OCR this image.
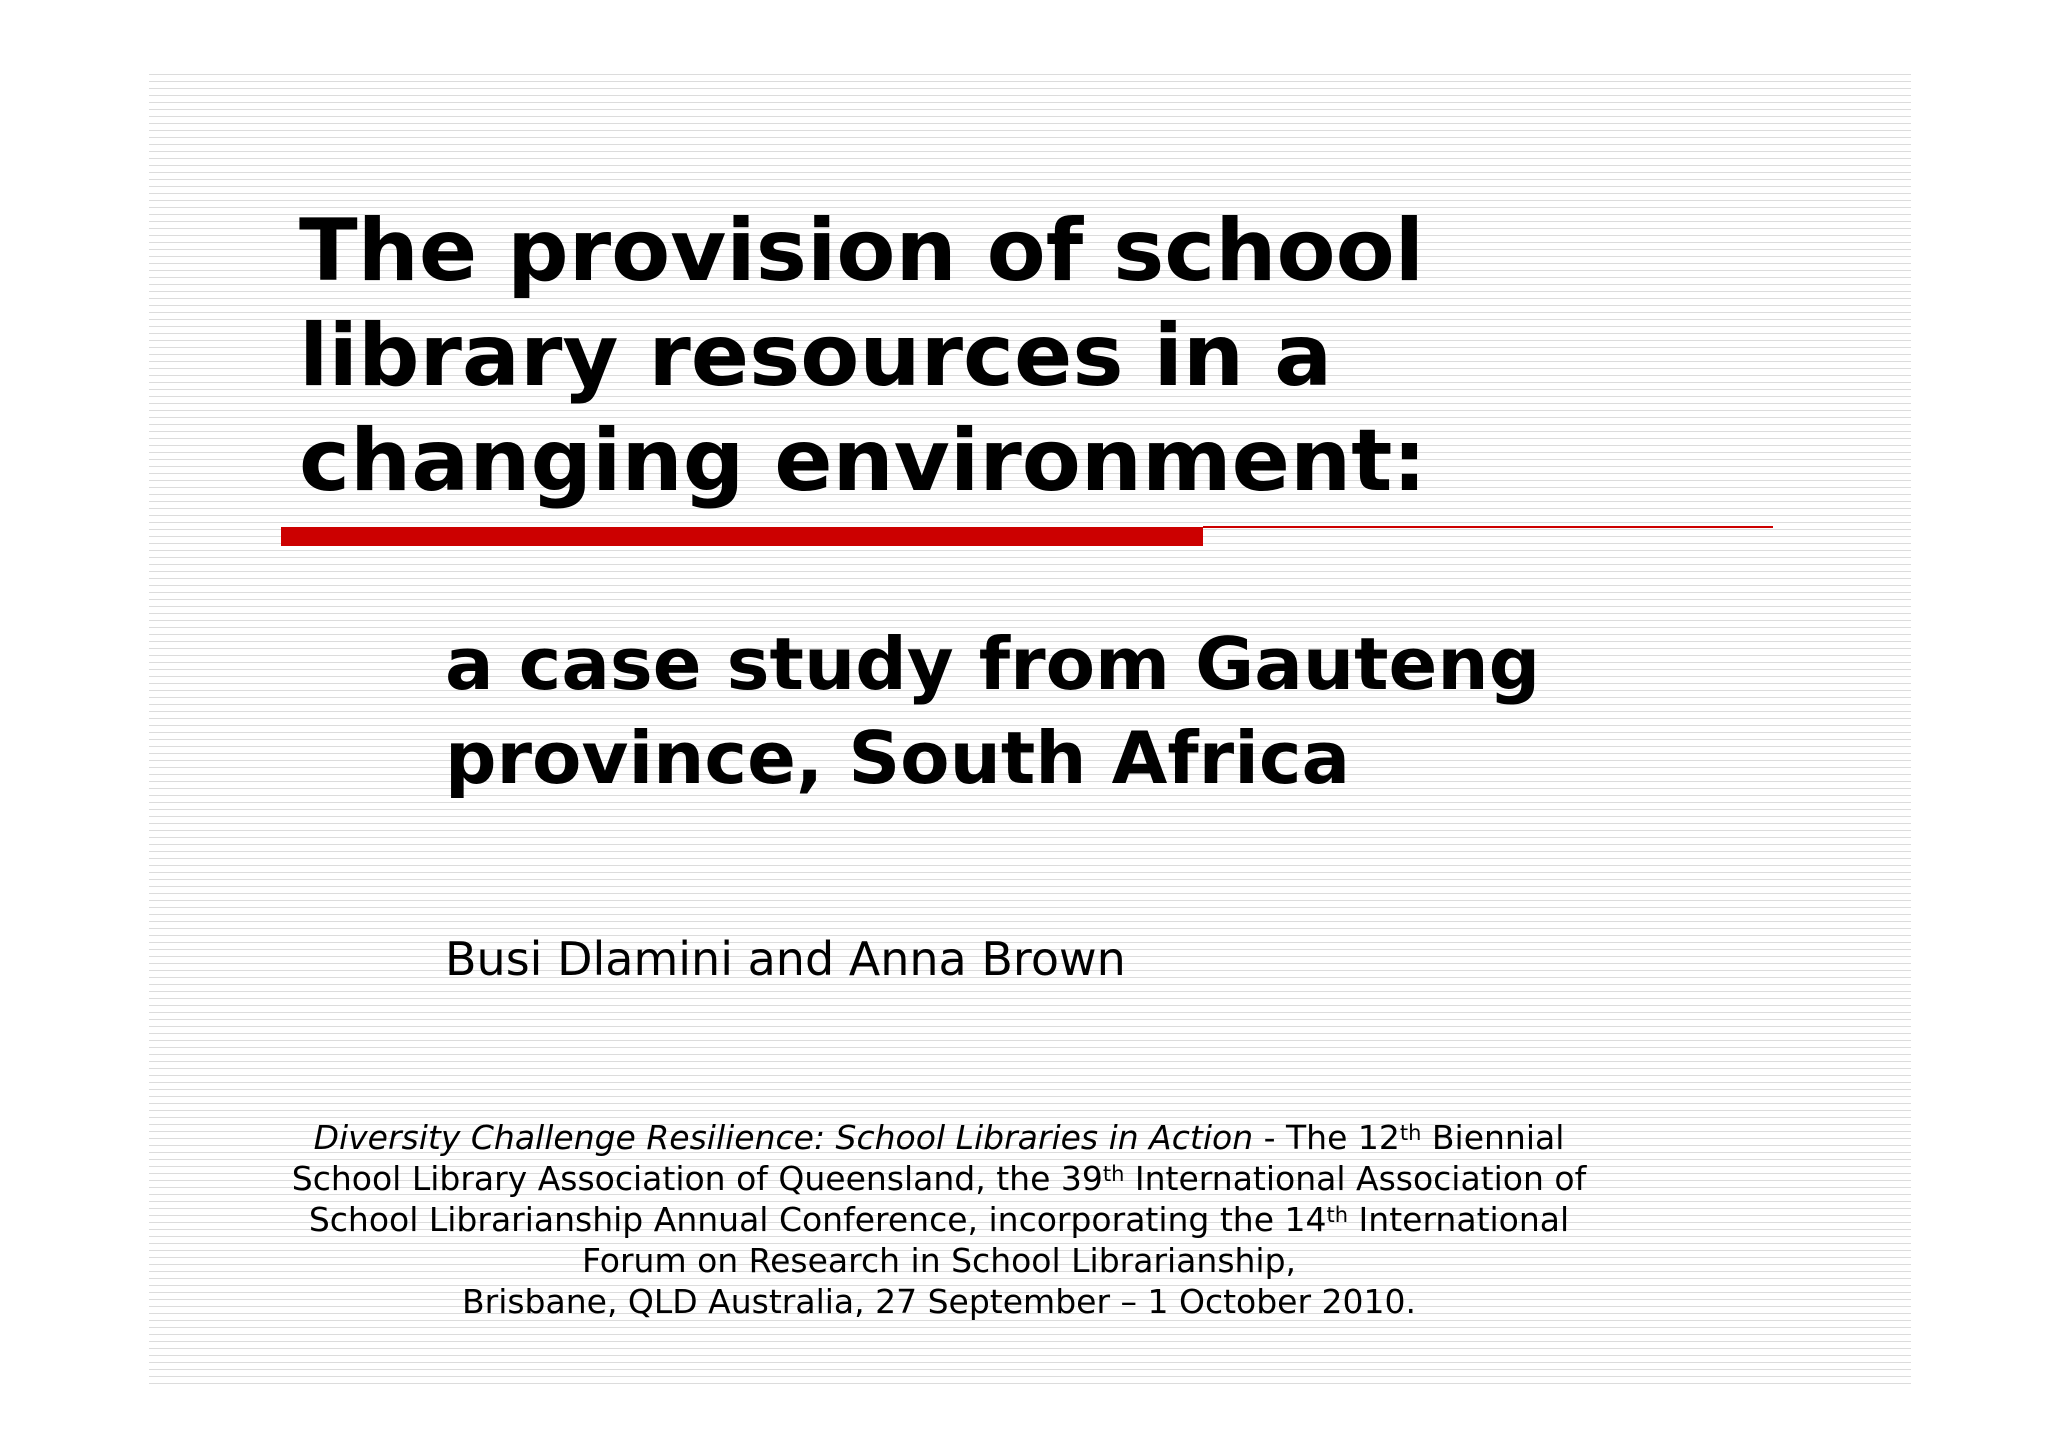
The provision of school
library resources in a
changing environment:
a case study from Gauteng
province, South Africa

Busi Dlamini and Anna Brown

Diversity Challenge Resilience: School Libraries in Action - The 12th Biennial
School Library Association of Queensland, the 39th International Association of
School Librarianship Annual Conference, incorporating the 14th International
Forum on Research in School Librarianship,
Brisbane, QLD Australia, 27 September – 1 October 2010.
